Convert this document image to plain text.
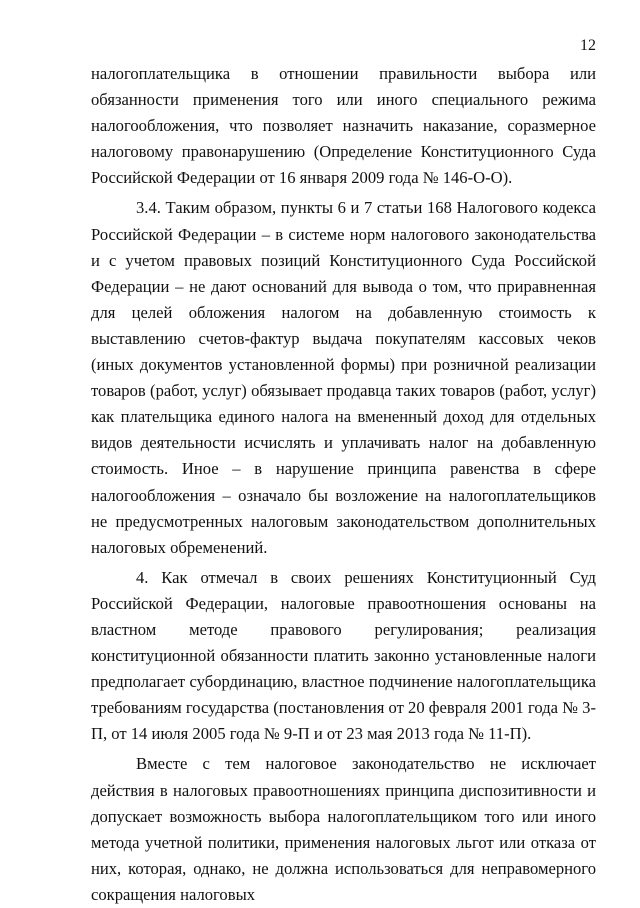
12

налогоплательщика в отношении правильности выбора или обязанности применения того или иного специального режима налогообложения, что позволяет назначить наказание, соразмерное налоговому правонарушению (Определение Конституционного Суда Российской Федерации от 16 января 2009 года № 146-О-О).

3.4. Таким образом, пункты 6 и 7 статьи 168 Налогового кодекса Российской Федерации – в системе норм налогового законодательства и с учетом правовых позиций Конституционного Суда Российской Федерации – не дают оснований для вывода о том, что приравненная для целей обложения налогом на добавленную стоимость к выставлению счетов-фактур выдача покупателям кассовых чеков (иных документов установленной формы) при розничной реализации товаров (работ, услуг) обязывает продавца таких товаров (работ, услуг) как плательщика единого налога на вмененный доход для отдельных видов деятельности исчислять и уплачивать налог на добавленную стоимость. Иное – в нарушение принципа равенства в сфере налогообложения – означало бы возложение на налогоплательщиков не предусмотренных налоговым законодательством дополнительных налоговых обременений.

4. Как отмечал в своих решениях Конституционный Суд Российской Федерации, налоговые правоотношения основаны на властном методе правового регулирования; реализация конституционной обязанности платить законно установленные налоги предполагает субординацию, властное подчинение налогоплательщика требованиям государства (постановления от 20 февраля 2001 года № 3-П, от 14 июля 2005 года № 9-П и от 23 мая 2013 года № 11-П).

Вместе с тем налоговое законодательство не исключает действия в налоговых правоотношениях принципа диспозитивности и допускает возможность выбора налогоплательщиком того или иного метода учетной политики, применения налоговых льгот или отказа от них, которая, однако, не должна использоваться для неправомерного сокращения налоговых
